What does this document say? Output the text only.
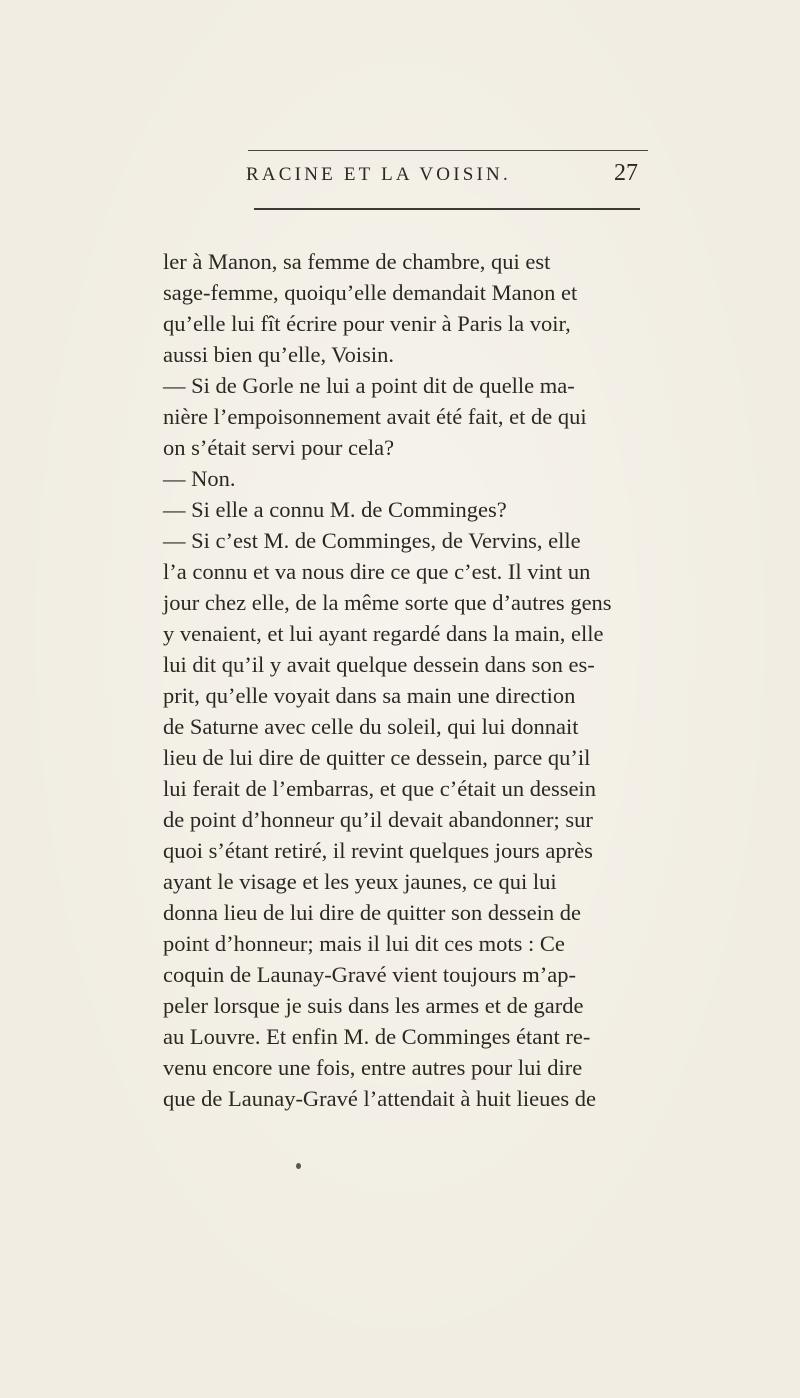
RACINE ET LA VOISIN.	27
ler à Manon, sa femme de chambre, qui est
sage-femme, quoiqu’elle demandait Manon et
qu’elle lui fît écrire pour venir à Paris la voir,
aussi bien qu’elle, Voisin.
— Si de Gorle ne lui a point dit de quelle ma-
nière l’empoisonnement avait été fait, et de qui
on s’était servi pour cela?
— Non.
— Si elle a connu M. de Comminges?
— Si c’est M. de Comminges, de Vervins, elle
l’a connu et va nous dire ce que c’est. Il vint un
jour chez elle, de la même sorte que d’autres gens
y venaient, et lui ayant regardé dans la main, elle
lui dit qu’il y avait quelque dessein dans son es-
prit, qu’elle voyait dans sa main une direction
de Saturne avec celle du soleil, qui lui donnait
lieu de lui dire de quitter ce dessein, parce qu’il
lui ferait de l’embarras, et que c’était un dessein
de point d’honneur qu’il devait abandonner; sur
quoi s’étant retiré, il revint quelques jours après
ayant le visage et les yeux jaunes, ce qui lui
donna lieu de lui dire de quitter son dessein de
point d’honneur; mais il lui dit ces mots : Ce
coquin de Launay-Gravé vient toujours m’ap-
peler lorsque je suis dans les armes et de garde
au Louvre. Et enfin M. de Comminges étant re-
venu encore une fois, entre autres pour lui dire
que de Launay-Gravé l’attendait à huit lieues de
